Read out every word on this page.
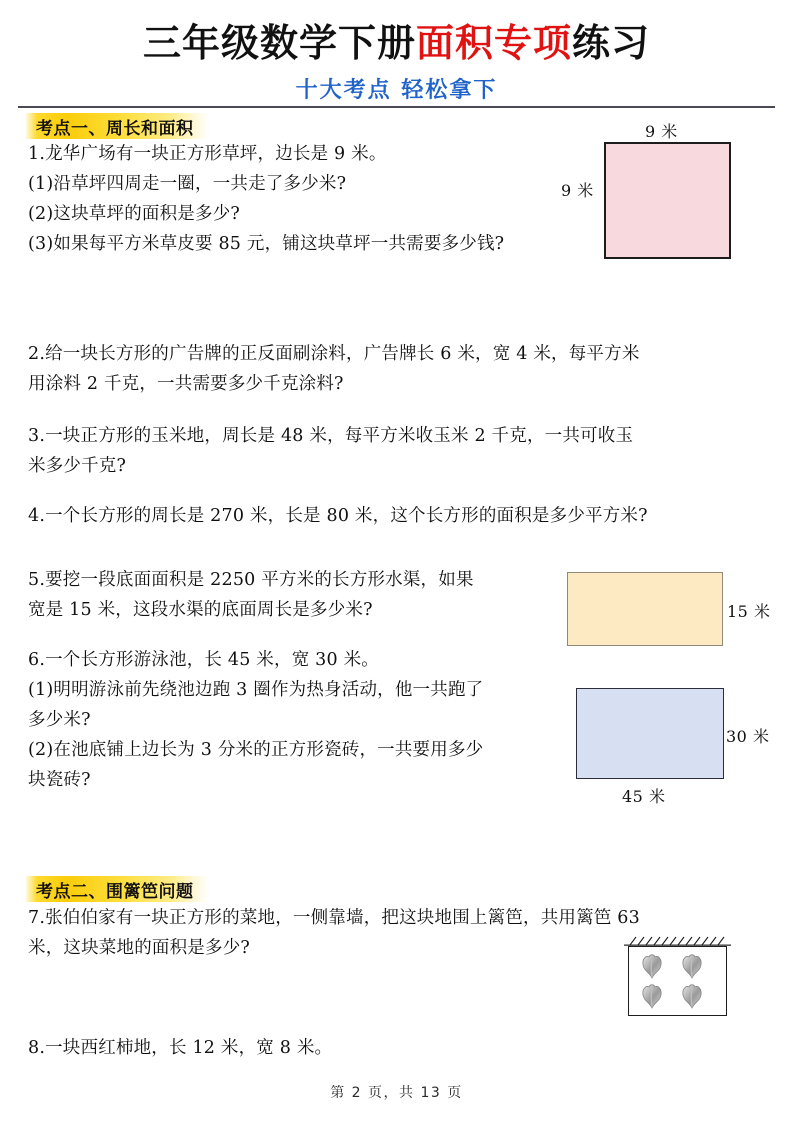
三年级数学下册面积专项练习
十大考点 轻松拿下
考点一、周长和面积
1.龙华广场有一块正方形草坪，边长是 9 米。
(1)沿草坪四周走一圈，一共走了多少米?
(2)这块草坪的面积是多少?
(3)如果每平方米草皮要 85 元，铺这块草坪一共需要多少钱?
9 米
9 米
2.给一块长方形的广告牌的正反面刷涂料，广告牌长 6 米，宽 4 米，每平方米
用涂料 2 千克，一共需要多少千克涂料?
3.一块正方形的玉米地，周长是 48 米，每平方米收玉米 2 千克，一共可收玉
米多少千克?
4.一个长方形的周长是 270 米，长是 80 米，这个长方形的面积是多少平方米?
5.要挖一段底面面积是 2250 平方米的长方形水渠，如果
宽是 15 米，这段水渠的底面周长是多少米?	15 米
6.一个长方形游泳池，长 45 米，宽 30 米。
(1)明明游泳前先绕池边跑 3 圈作为热身活动，他一共跑了
多少米?
(2)在池底铺上边长为 3 分米的正方形瓷砖，一共要用多少
块瓷砖?
30 米
45 米
考点二、围篱笆问题
7.张伯伯家有一块正方形的菜地，一侧靠墙，把这块地围上篱笆，共用篱笆 63
米，这块菜地的面积是多少?
8.一块西红柿地，长 12 米，宽 8 米。
第 2 页，共 13 页
